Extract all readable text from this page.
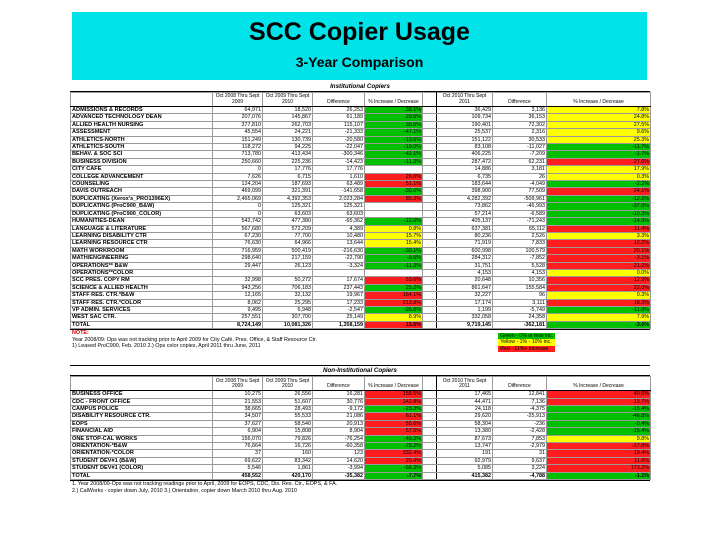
SCC Copier Usage
3-Year Comparison
Institutional Copiers
	Oct 2008 Thru Sept 2009	Oct 2009 Thru Sept 2010	Difference	% Increase / Decrease		Oct 2010 Thru Sept 2011	Difference	% Increase / Decrease
ADMISSIONS & RECORDS	64,971	18,520	26,253	38.1%		36,429	3,136	7.8%
ADVANCED TECHNOLOGY DEAN	207,076	145,867	61,189	29.5%		109,734	36,153	24.8%
ALLIED HEALTH NURSING	377,810	262,703	115,107	30.5%		190,401	72,302	27.5%
ASSESSMENT	45,554	24,221	-21,333	-47.1%		25,537	2,316	9.6%
ATHLETICS-NORTH	151,249	130,739	-20,580	-13.6%		151,122	30,533	25.3%
ATHLETICS-SOUTH	118,272	94,225	-22,047	-19.0%		83,108	-11,027	-11.7%
BEHAV. & SOC SCI	713,780	413,434	-300,346	-42.1%		406,225	-7,209	-1.7%
BUSINESS DIVISION	250,660	225,236	-14,423	-11.3%		287,472	62,231	27.6%
CITY CAFE	0	17,776	17,776			14,886	3,181	17.9%
COLLEGE ADVANCEMENT	7,626	6,715	1,610	26.0%		6,735	26	0.3%
COUNSELING	124,204	187,693	63,489	51.1%		183,644	-4,049	-2.2%
DAVIS OUTREACH	469,099	321,391	-141,658	-30.6%		398,900	77,509	24.1%
DUPLICATING (Xerox's_PRO1396EX)	2,465,069	4,392,353	2,023,284	85.3%		4,282,392	-509,961	-12.2%
DUPLICATING (ProC900_B&W)	0	125,321	125,321			73,862	-46,993	-37.0%
DUPLICATING (ProC900_COLOR)	0	63,603	63,603			57,214	-6,589	-10.3%
HUMANITIES-DEAN	542,742	477,380	-65,362	-12.0%		405,137	-71,243	-14.9%
LANGUAGE & LITERATURE	567,680	572,209	4,389	0.8%		637,381	65,112	11.4%
LEARNING DISABILITY CTR	67,230	77,700	10,480	15.7%		80,236	2,526	3.3%
LEARNING RESOURCE CTR	76,630	64,966	13,644	15.4%		71,919	7,833	12.2%
MATH WORKROOM	716,959	500,419	-216,630	-30.1%		600,998	100,579	20.1%
MATH/ENGINEERING	298,640	217,159	-22,790	-9.5%		284,312	-7,852	-3.1%
OPERATIONS** B&W	29,447	26,123	-3,324	-11.3%		31,751	5,528	21.2%
OPERATIONS**COLOR						4,153	4,153	0.0%
SCC PRES. COPY RM	32,998	50,272	17,674	53.6%		20,648	10,356	12.9%
SCIENCE & ALLIED HEALTH	943,256	706,183	237,443	25.2%		861,647	155,584	22.0%
STAFF RES. CTR.*B&W	12,165	32,132	19,967	164.1%		32,227	96	0.3%
STAFF RES. CTR.*COLOR	8,062	25,295	17,233	213.8%		17,174	3,111	18.3%
VP ADMIN. SERVICES	9,495	6,948	-2,547	-26.8%		1,199	-5,749	-11.0%
WEST SAC CTR.	257,551	307,700	25,149	8.9%		332,058	24,358	7.9%
TOTAL	8,724,149	10,081,326	1,358,159	15.6%		9,719,145	-362,181	-3.6%
NOTE:
Year 2008/09: Ops was not tracking prior to April 2009 for City Café, Pres. Office, & Staff Resource Ctr.
1) Leased ProC900, Feb. 2010 2.) Ops color copies, April 2011 thru June, 2011
Green - 0% or less inc.
Yellow - 1% - 10% inc.
Red - 11%+ increase
Non-Institutional Copiers
	Oct 2008 Thru Sept 2009	Oct 2009 Thru Sept 2010	Difference	% Increase / Decrease		Oct 2010 Thru Sept 2011	Difference	% Increase / Decrease
BUSINESS OFFICE	10,275	26,556	16,281	158.5%		17,465	12,841	40.6%
CDC - FRONT OFFICE	21,553	51,607	30,776	142.8%		44,471	7,136	13.7%
CAMPUS POLICE	38,665	28,493	-9,172	-23.3%		24,118	-4,375	-15.4%
DISABILITY RESOURCE CTR.	34,507	55,533	21,086	61.1%		29,620	-25,913	-46.8%
EOPS	37,627	58,540	20,913	55.6%		58,304	-236	-0.4%
FINANCIAL AID	6,904	15,808	8,904	57.5%		13,380	-2,428	-15.4%
ONE STOP-CAL WORKS	156,070	79,826	-76,254	-49.3%		87,673	7,853	9.8%
ORIENTATION-*B&W	76,664	16,726	-60,358	-78.2%		13,747	-2,979	-17.8%
ORIENTATION-*COLOR	37	160	123	332.4%		191	31	19.4%
STUDENT DEV#1 (B&W)	69,622	83,342	14,620	20.4%		92,979	9,637	11.6%
STUDENT DEV#1 (COLOR)	5,546	1,861	-3,994	-66.3%		5,085	3,224	173.2%
TOTAL	458,552	420,170	-35,382	-7.7%		415,382	-4,788	-1.1%
1. Year 2008/09-Ops was not tracking readings prior to April, 2009 for EOPS, CDC, Dis. Res. Ctr., EOPS, & FA.
2.) CalWorks - copier down July, 2010 3.) Orientation, copier down March 2010 thru Aug. 2010
